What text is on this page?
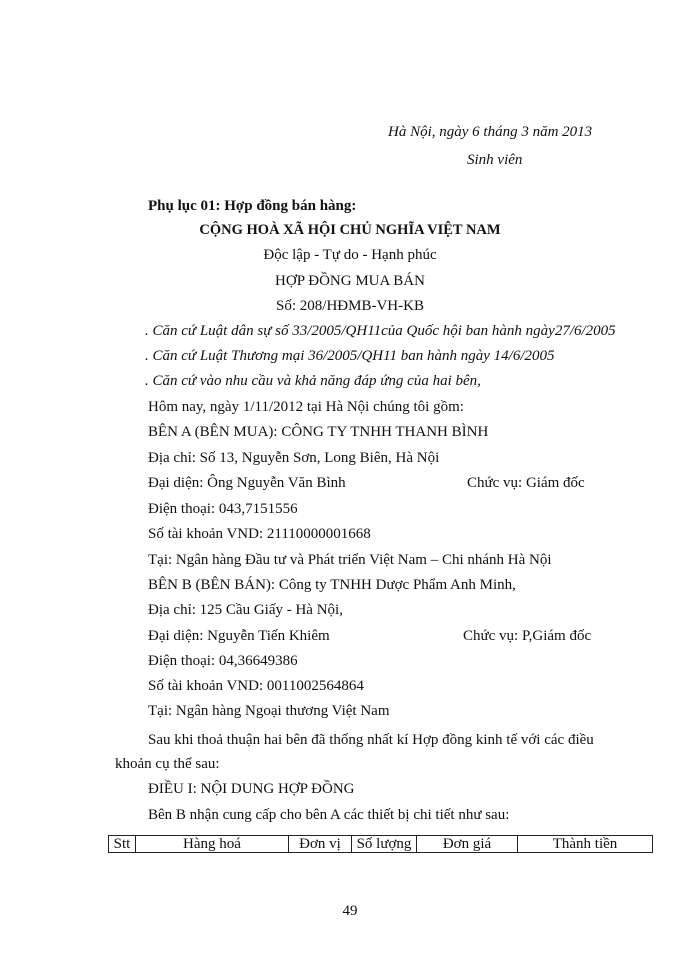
Hà Nội, ngày 6 tháng 3 năm 2013
Sinh viên
Phụ lục 01: Hợp đồng bán hàng:
CỘNG HOÀ XÃ HỘI CHỦ NGHĨA VIỆT NAM
Độc lập - Tự do - Hạnh phúc
HỢP ĐỒNG MUA BÁN
Số: 208/HĐMB-VH-KB
. Căn cứ Luật dân sự số 33/2005/QH11của Quốc hội ban hành ngày27/6/2005
. Căn cứ Luật Thương mại 36/2005/QH11 ban hành ngày 14/6/2005
. Căn cứ vào nhu cầu và khả năng đáp ứng của hai bên,
Hôm nay, ngày 1/11/2012 tại Hà Nội chúng tôi gồm:
BÊN A (BÊN MUA): CÔNG TY TNHH THANH BÌNH
Địa chỉ: Số 13, Nguyễn Sơn, Long Biên, Hà Nội
Đại diện: Ông Nguyễn Văn Bình	Chức vụ: Giám đốc
Điện thoại: 043,7151556
Số tài khoản VND: 21110000001668
Tại: Ngân hàng Đầu tư và Phát triển Việt Nam – Chi nhánh Hà Nội
BÊN B (BÊN BÁN): Công ty TNHH Dược Phẩm Anh Minh,
Địa chỉ: 125 Cầu Giấy - Hà Nội,
Đại diện: Nguyễn Tiến Khiêm	Chức vụ: P,Giám đốc
Điện thoại: 04,36649386
Số tài khoản VND: 0011002564864
Tại: Ngân hàng Ngoại thương Việt Nam
Sau khi thoả thuận hai bên đã thống nhất kí Hợp đồng kinh tế với các điều
khoản cụ thể sau:
ĐIỀU I: NỘI DUNG HỢP ĐỒNG
Bên B nhận cung cấp cho bên A các thiết bị chi tiết như sau:
Stt	Hàng hoá	Đơn vị	Số lượng	Đơn giá	Thành tiền
49
